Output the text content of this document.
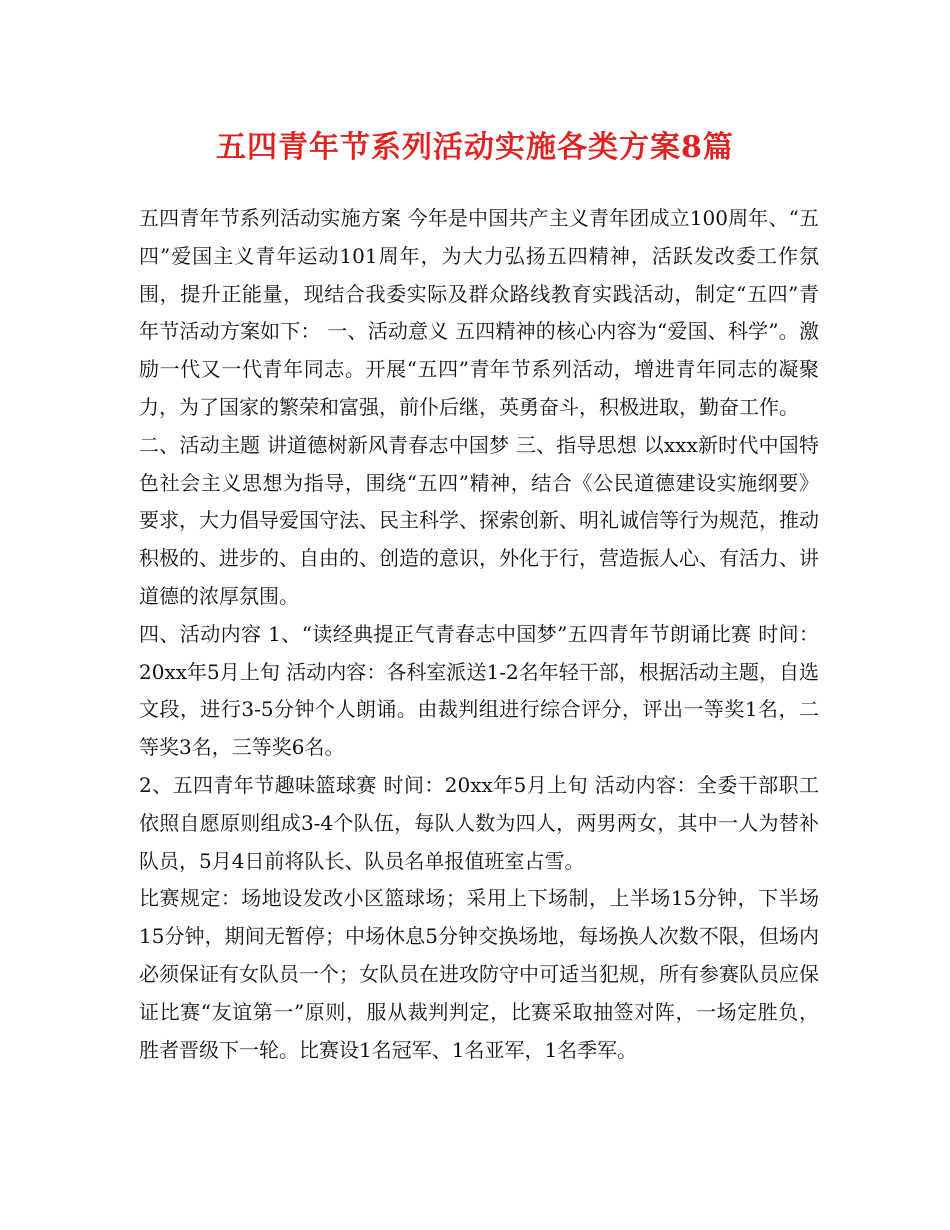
五四青年节系列活动实施各类方案8篇

五四青年节系列活动实施方案 今年是中国共产主义青年团成立100周年、“五四”爱国主义青年运动101周年，为大力弘扬五四精神，活跃发改委工作氛围，提升正能量，现结合我委实际及群众路线教育实践活动，制定“五四”青年节活动方案如下： 一、活动意义 五四精神的核心内容为“爱国、科学”。激励一代又一代青年同志。开展“五四”青年节系列活动，增进青年同志的凝聚力，为了国家的繁荣和富强，前仆后继，英勇奋斗，积极进取，勤奋工作。

二、活动主题 讲道德树新风青春志中国梦 三、指导思想 以xxx新时代中国特色社会主义思想为指导，围绕“五四”精神，结合《公民道德建设实施纲要》要求，大力倡导爱国守法、民主科学、探索创新、明礼诚信等行为规范，推动积极的、进步的、自由的、创造的意识，外化于行，营造振人心、有活力、讲道德的浓厚氛围。

四、活动内容 1、“读经典提正气青春志中国梦”五四青年节朗诵比赛 时间：20xx年5月上旬 活动内容：各科室派送1-2名年轻干部，根据活动主题，自选文段，进行3-5分钟个人朗诵。由裁判组进行综合评分，评出一等奖1名，二等奖3名，三等奖6名。

2、五四青年节趣味篮球赛 时间：20xx年5月上旬 活动内容：全委干部职工依照自愿原则组成3-4个队伍，每队人数为四人，两男两女，其中一人为替补队员，5月4日前将队长、队员名单报值班室占雪。

比赛规定：场地设发改小区篮球场；采用上下场制，上半场15分钟，下半场15分钟，期间无暂停；中场休息5分钟交换场地，每场换人次数不限，但场内必须保证有女队员一个；女队员在进攻防守中可适当犯规，所有参赛队员应保证比赛“友谊第一”原则，服从裁判判定，比赛采取抽签对阵，一场定胜负，胜者晋级下一轮。比赛设1名冠军、1名亚军，1名季军。
